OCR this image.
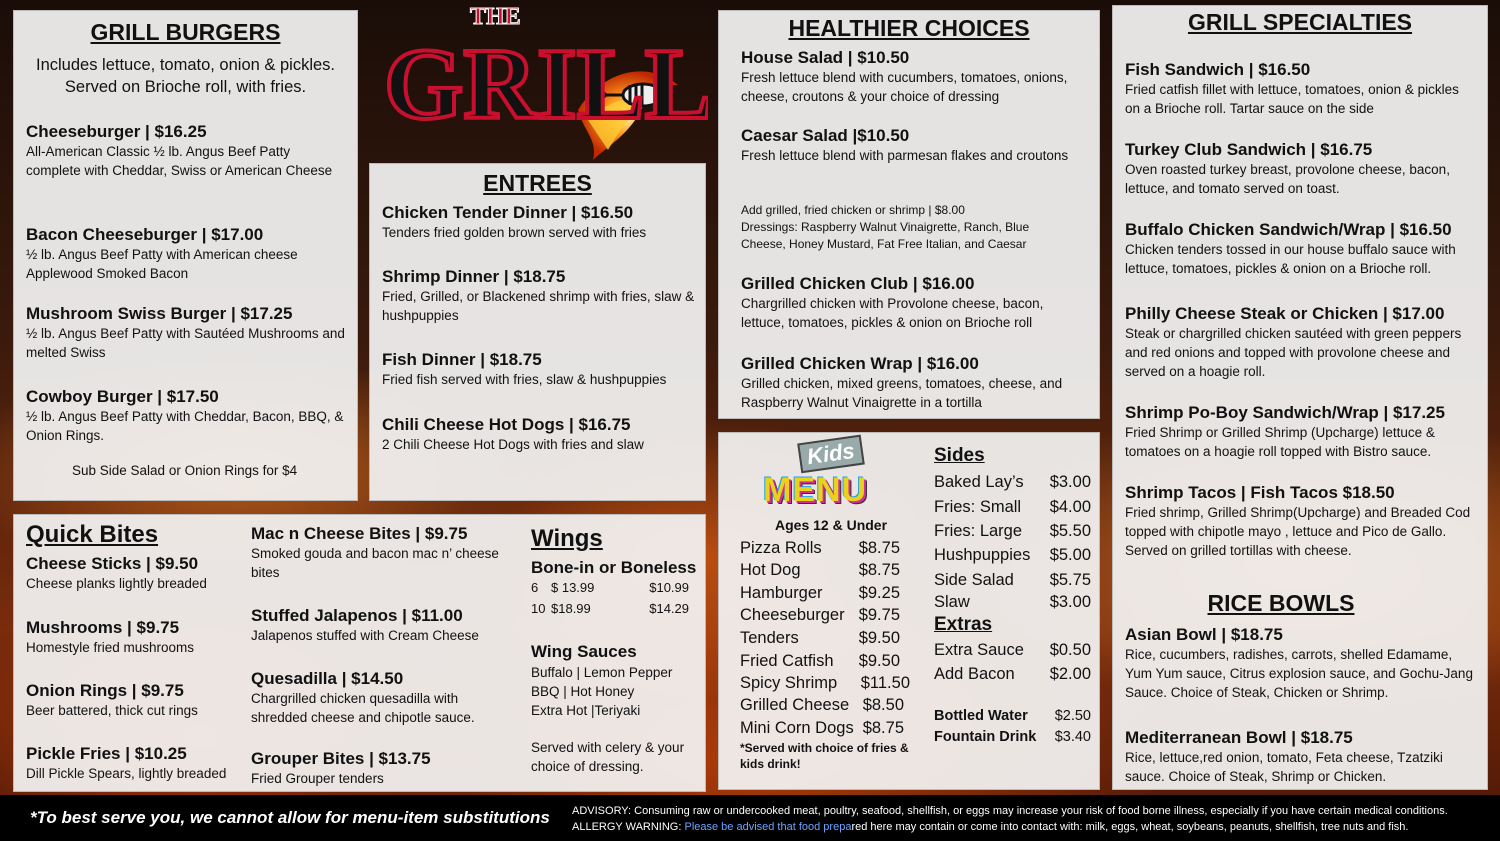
THE
GRILL
GRILL BURGERS
Includes lettuce, tomato, onion & pickles. Served on Brioche roll, with fries.
Cheeseburger | $16.25
All-American Classic ½ lb. Angus Beef Patty complete with Cheddar, Swiss or American Cheese
Bacon Cheeseburger | $17.00
½ lb. Angus Beef Patty with American cheese Applewood Smoked Bacon
Mushroom Swiss Burger | $17.25
½ lb. Angus Beef Patty with Sautéed Mushrooms and melted Swiss
Cowboy Burger | $17.50
½ lb. Angus Beef Patty with Cheddar, Bacon, BBQ, & Onion Rings.
Sub Side Salad or Onion Rings for $4
ENTREES
Chicken Tender Dinner | $16.50
Tenders fried golden brown served with fries
Shrimp Dinner | $18.75
Fried, Grilled, or Blackened shrimp with fries, slaw & hushpuppies
Fish Dinner | $18.75
Fried fish served with fries, slaw & hushpuppies
Chili Cheese Hot Dogs | $16.75
2 Chili Cheese Hot Dogs with fries and slaw
HEALTHIER CHOICES
House Salad | $10.50
Fresh lettuce blend with cucumbers, tomatoes, onions, cheese, croutons & your choice of dressing
Caesar Salad |$10.50
Fresh lettuce blend with parmesan flakes and croutons
Add grilled, fried chicken or shrimp | $8.00
Dressings: Raspberry Walnut Vinaigrette, Ranch, Blue Cheese, Honey Mustard, Fat Free Italian, and Caesar
Grilled Chicken Club | $16.00
Chargrilled chicken with Provolone cheese, bacon, lettuce, tomatoes, pickles & onion on Brioche roll
Grilled Chicken Wrap | $16.00
Grilled chicken, mixed greens, tomatoes, cheese, and Raspberry Walnut Vinaigrette in a tortilla
GRILL SPECIALTIES
Fish Sandwich | $16.50
Fried catfish fillet with lettuce, tomatoes, onion & pickles on a Brioche roll. Tartar sauce on the side
Turkey Club Sandwich | $16.75
Oven roasted turkey breast, provolone cheese, bacon, lettuce, and tomato served on toast.
Buffalo Chicken Sandwich/Wrap | $16.50
Chicken tenders tossed in our house buffalo sauce with lettuce, tomatoes, pickles & onion on a Brioche roll.
Philly Cheese Steak or Chicken | $17.00
Steak or chargrilled chicken sautéed with green peppers and red onions and topped with provolone cheese and served on a hoagie roll.
Shrimp Po-Boy Sandwich/Wrap | $17.25
Fried Shrimp or Grilled Shrimp (Upcharge) lettuce & tomatoes on a hoagie roll topped with Bistro sauce.
Shrimp Tacos | Fish Tacos $18.50
Fried shrimp, Grilled Shrimp(Upcharge) and Breaded Cod topped with chipotle mayo , lettuce and Pico de Gallo. Served on grilled tortillas with cheese.
RICE BOWLS
Asian Bowl | $18.75
Rice, cucumbers, radishes, carrots, shelled Edamame, Yum Yum sauce, Citrus explosion sauce, and Gochu-Jang Sauce. Choice of Steak, Chicken or Shrimp.
Mediterranean Bowl | $18.75
Rice, lettuce,red onion, tomato, Feta cheese, Tzatziki sauce. Choice of Steak, Shrimp or Chicken.
Quick Bites
Cheese Sticks | $9.50
Cheese planks lightly breaded
Mushrooms | $9.75
Homestyle fried mushrooms
Onion Rings | $9.75
Beer battered, thick cut rings
Pickle Fries | $10.25
Dill Pickle Spears, lightly breaded
Mac n Cheese Bites | $9.75
Smoked gouda and bacon mac n’ cheese bites
Stuffed Jalapenos | $11.00
Jalapenos stuffed with Cream Cheese
Quesadilla | $14.50
Chargrilled chicken quesadilla with shredded cheese and chipotle sauce.
Grouper Bites | $13.75
Fried Grouper tenders
Wings
Bone-in or Boneless
6 $ 13.99	$10.99
10 $18.99	$14.29
Wing Sauces
Buffalo | Lemon Pepper
BBQ | Hot Honey
Extra Hot |Teriyaki
Served with celery & your choice of dressing.
Kids
MENU
Ages 12 & Under
Pizza Rolls $8.75
Hot Dog	$8.75
Hamburger $9.25
Cheeseburger $9.75
Tenders	$9.50
Fried Catfish $9.50
Spicy Shrimp $11.50
Grilled Cheese $8.50
Mini Corn Dogs $8.75
*Served with choice of fries & kids drink!
Sides
Baked Lay’s $3.00
Fries: Small $4.00
Fries: Large $5.50
Hushpuppies $5.00
Side Salad $5.75
Slaw	$3.00
Extras
Extra Sauce $0.50
Add Bacon $2.00
Bottled Water $2.50
Fountain Drink $3.40
*To best serve you, we cannot allow for menu-item substitutions ADVISORY: Consuming raw or undercooked meat, poultry, seafood, shellfish, or eggs may increase your risk of food borne illness, especially if you have certain medical conditions.
ALLERGY WARNING: Please be advised that food prepared here may contain or come into contact with: milk, eggs, wheat, soybeans, peanuts, shellfish, tree nuts and fish.
